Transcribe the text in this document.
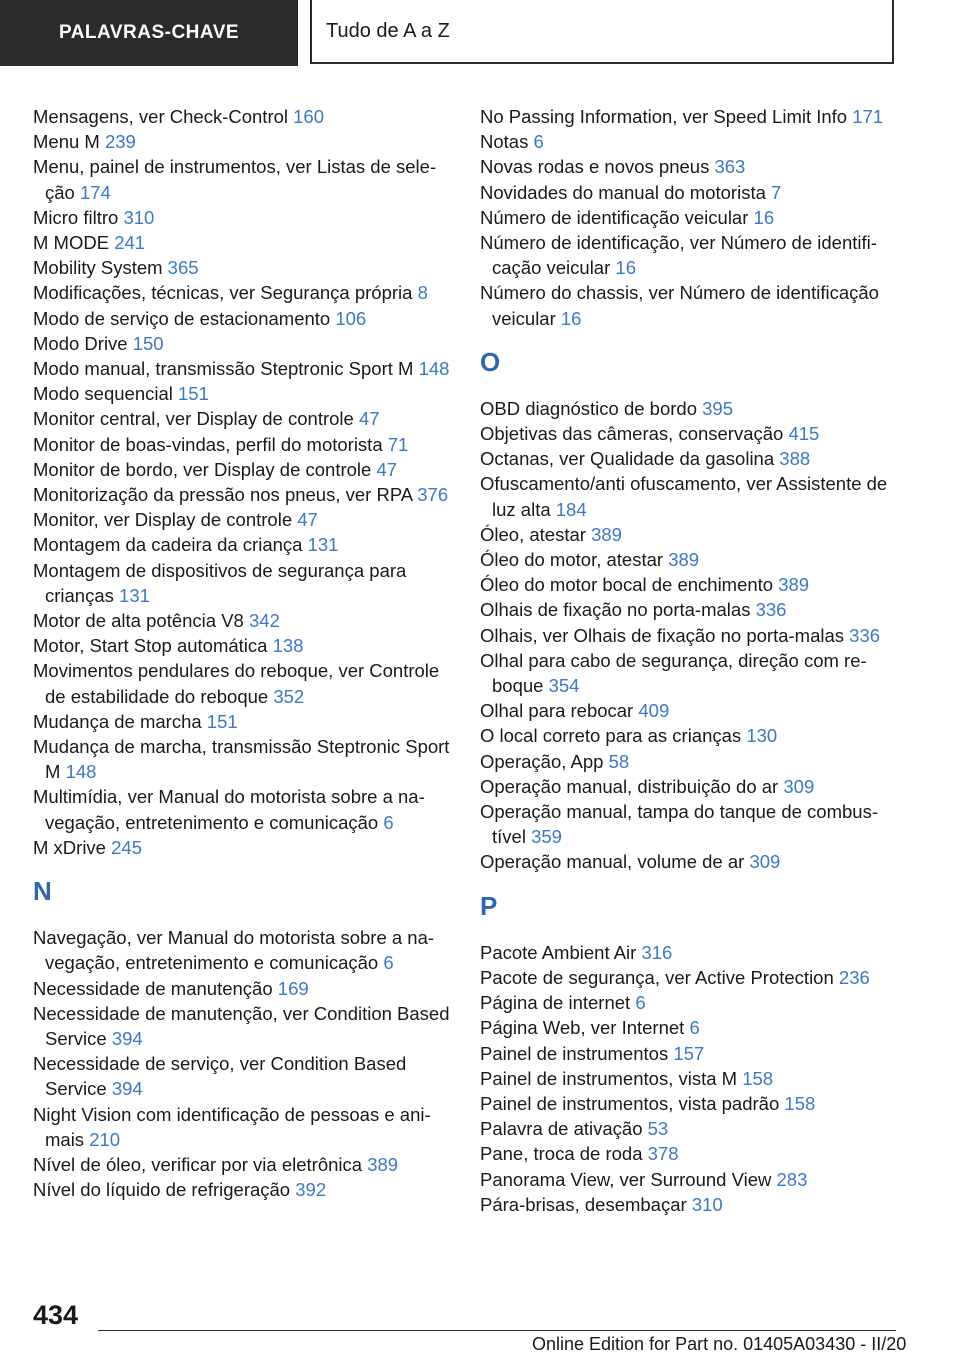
PALAVRAS-CHAVE	Tudo de A a Z
Mensagens, ver Check-Control 160
Menu M 239
Menu, painel de instrumentos, ver Listas de seleção 174
Micro filtro 310
M MODE 241
Mobility System 365
Modificações, técnicas, ver Segurança própria 8
Modo de serviço de estacionamento 106
Modo Drive 150
Modo manual, transmissão Steptronic Sport M 148
Modo sequencial 151
Monitor central, ver Display de controle 47
Monitor de boas-vindas, perfil do motorista 71
Monitor de bordo, ver Display de controle 47
Monitorização da pressão nos pneus, ver RPA 376
Monitor, ver Display de controle 47
Montagem da cadeira da criança 131
Montagem de dispositivos de segurança para crianças 131
Motor de alta potência V8 342
Motor, Start Stop automática 138
Movimentos pendulares do reboque, ver Controle de estabilidade do reboque 352
Mudança de marcha 151
Mudança de marcha, transmissão Steptronic Sport M 148
Multimídia, ver Manual do motorista sobre a navegação, entretenimento e comunicação 6
M xDrive 245
N
Navegação, ver Manual do motorista sobre a navegação, entretenimento e comunicação 6
Necessidade de manutenção 169
Necessidade de manutenção, ver Condition Based Service 394
Necessidade de serviço, ver Condition Based Service 394
Night Vision com identificação de pessoas e animais 210
Nível de óleo, verificar por via eletrônica 389
Nível do líquido de refrigeração 392
No Passing Information, ver Speed Limit Info 171
Notas 6
Novas rodas e novos pneus 363
Novidades do manual do motorista 7
Número de identificação veicular 16
Número de identificação, ver Número de identificação veicular 16
Número do chassis, ver Número de identificação veicular 16
O
OBD diagnóstico de bordo 395
Objetivas das câmeras, conservação 415
Octanas, ver Qualidade da gasolina 388
Ofuscamento/anti ofuscamento, ver Assistente de luz alta 184
Óleo, atestar 389
Óleo do motor, atestar 389
Óleo do motor bocal de enchimento 389
Olhais de fixação no porta-malas 336
Olhais, ver Olhais de fixação no porta-malas 336
Olhal para cabo de segurança, direção com reboque 354
Olhal para rebocar 409
O local correto para as crianças 130
Operação, App 58
Operação manual, distribuição do ar 309
Operação manual, tampa do tanque de combustível 359
Operação manual, volume de ar 309
P
Pacote Ambient Air 316
Pacote de segurança, ver Active Protection 236
Página de internet 6
Página Web, ver Internet 6
Painel de instrumentos 157
Painel de instrumentos, vista M 158
Painel de instrumentos, vista padrão 158
Palavra de ativação 53
Pane, troca de roda 378
Panorama View, ver Surround View 283
Pára-brisas, desembaçar 310
434
Online Edition for Part no. 01405A03430 - II/20
